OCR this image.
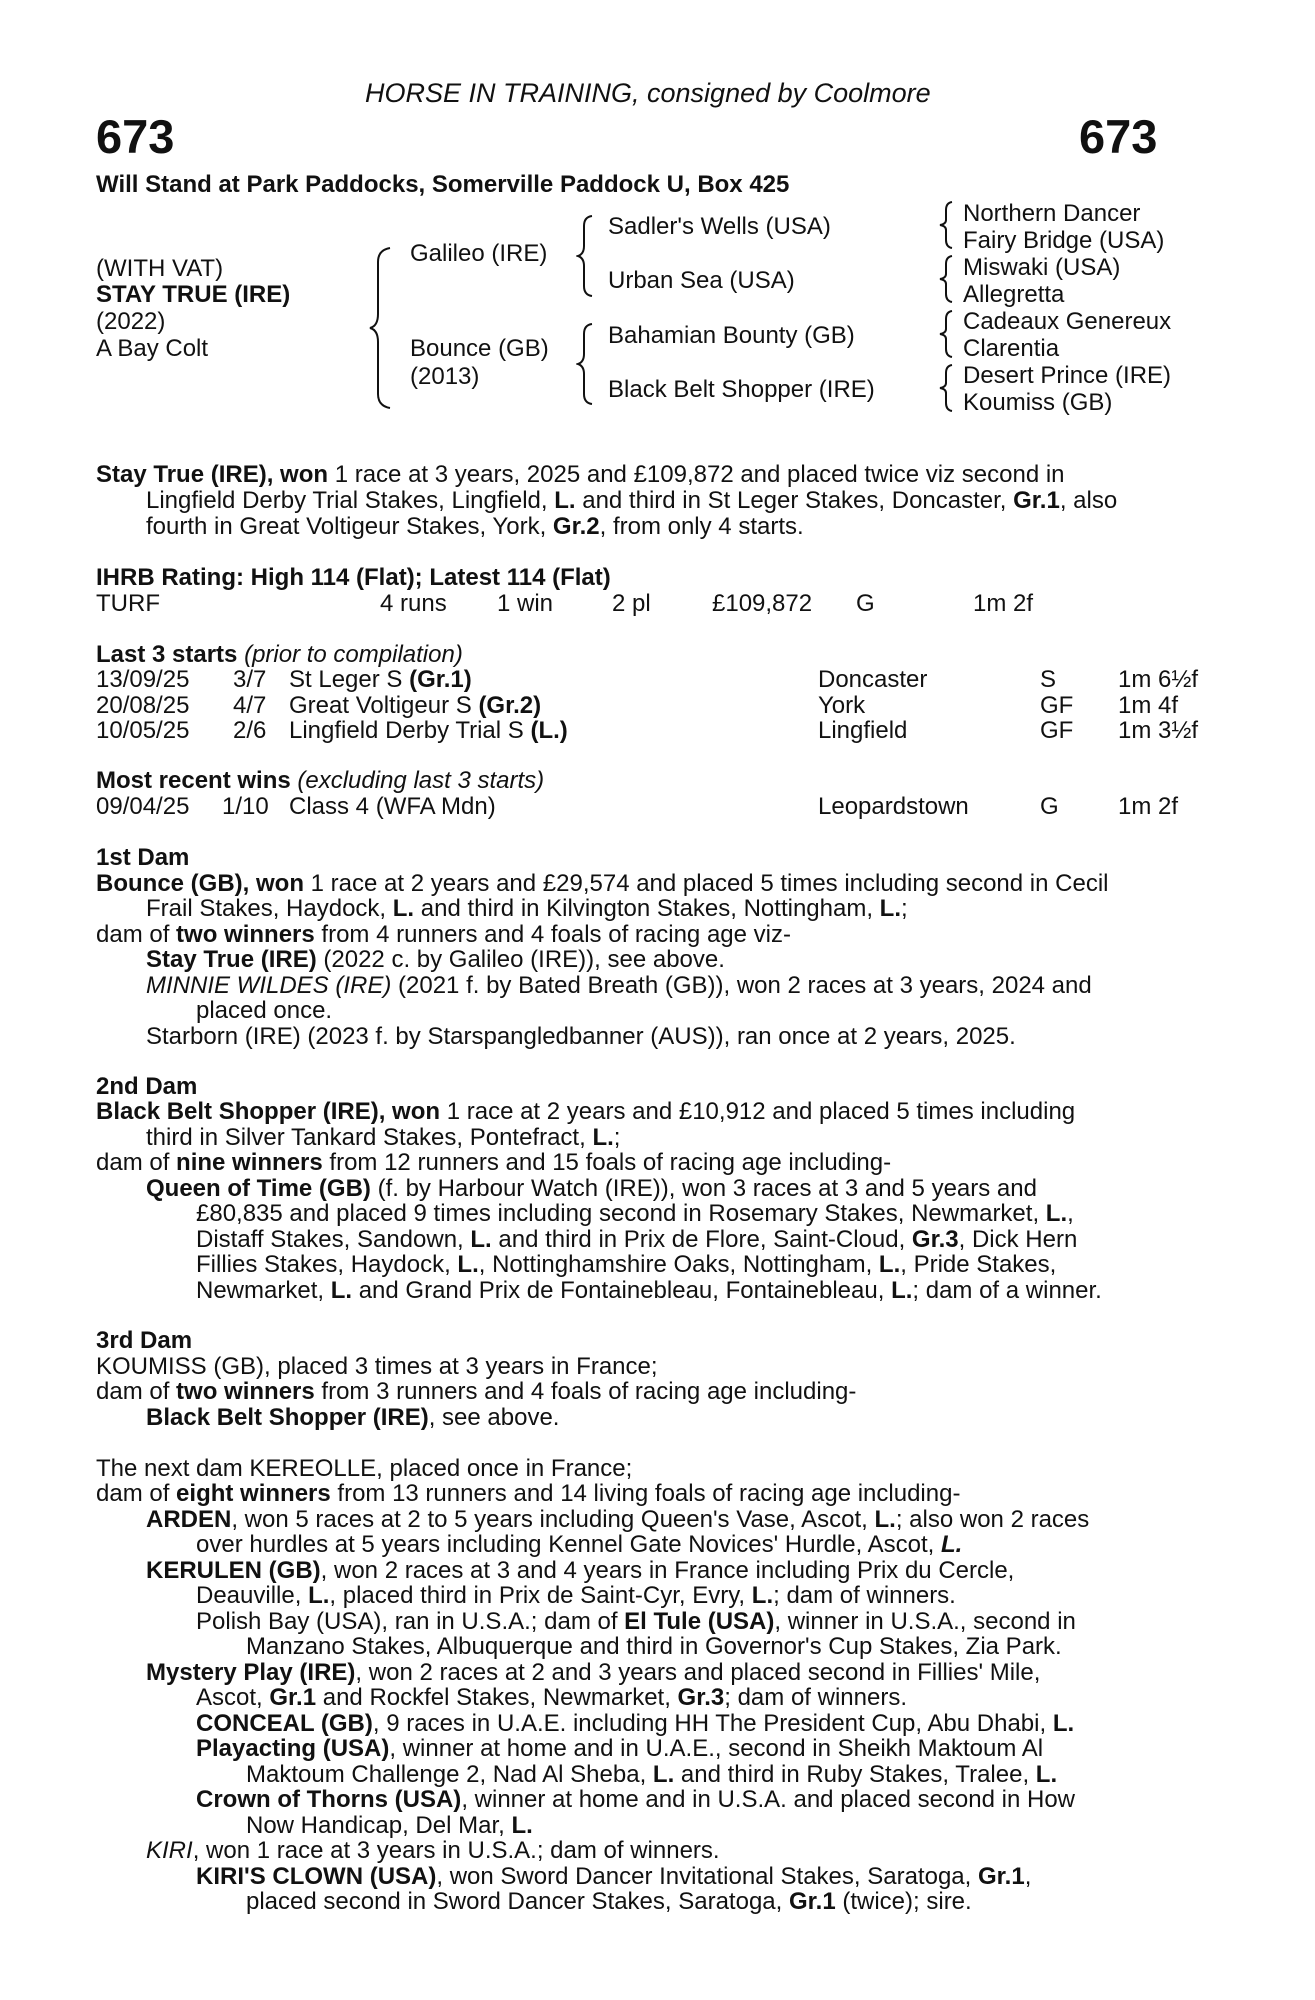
HORSE IN TRAINING, consigned by Coolmore
673	673
Will Stand at Park Paddocks, Somerville Paddock U, Box 425
(WITH VAT)
STAY TRUE (IRE)
(2022)
A Bay Colt
Galileo (IRE)
Bounce (GB)
(2013)
Sadler's Wells (USA)
Urban Sea (USA)
Bahamian Bounty (GB)
Black Belt Shopper (IRE)
Northern Dancer
Fairy Bridge (USA)
Miswaki (USA)
Allegretta
Cadeaux Genereux
Clarentia
Desert Prince (IRE)
Koumiss (GB)
Stay True (IRE), won 1 race at 3 years, 2025 and £109,872 and placed twice viz second in
Lingfield Derby Trial Stakes, Lingfield, L. and third in St Leger Stakes, Doncaster, Gr.1, also
fourth in Great Voltigeur Stakes, York, Gr.2, from only 4 starts.
IHRB Rating: High 114 (Flat); Latest 114 (Flat)
TURF	4 runs 1 win 2 pl	£109,872 G	1m 2f
Last 3 starts (prior to compilation)
13/09/25 3/7 St Leger S (Gr.1)	Doncaster	S	1m 6½f
20/08/25 4/7 Great Voltigeur S (Gr.2)	York	GF 1m 4f
10/05/25 2/6 Lingfield Derby Trial S (L.)	Lingfield	GF 1m 3½f
Most recent wins (excluding last 3 starts)
09/04/25 1/10 Class 4 (WFA Mdn)	Leopardstown	G 1m 2f
1st Dam
Bounce (GB), won 1 race at 2 years and £29,574 and placed 5 times including second in Cecil
Frail Stakes, Haydock, L. and third in Kilvington Stakes, Nottingham, L.;
dam of two winners from 4 runners and 4 foals of racing age viz-
Stay True (IRE) (2022 c. by Galileo (IRE)), see above.
MINNIE WILDES (IRE) (2021 f. by Bated Breath (GB)), won 2 races at 3 years, 2024 and
placed once.
Starborn (IRE) (2023 f. by Starspangledbanner (AUS)), ran once at 2 years, 2025.
2nd Dam
Black Belt Shopper (IRE), won 1 race at 2 years and £10,912 and placed 5 times including
third in Silver Tankard Stakes, Pontefract, L.;
dam of nine winners from 12 runners and 15 foals of racing age including-
Queen of Time (GB) (f. by Harbour Watch (IRE)), won 3 races at 3 and 5 years and
£80,835 and placed 9 times including second in Rosemary Stakes, Newmarket, L.,
Distaff Stakes, Sandown, L. and third in Prix de Flore, Saint-Cloud, Gr.3, Dick Hern
Fillies Stakes, Haydock, L., Nottinghamshire Oaks, Nottingham, L., Pride Stakes,
Newmarket, L. and Grand Prix de Fontainebleau, Fontainebleau, L.; dam of a winner.
3rd Dam
KOUMISS (GB), placed 3 times at 3 years in France;
dam of two winners from 3 runners and 4 foals of racing age including-
Black Belt Shopper (IRE), see above.
The next dam KEREOLLE, placed once in France;
dam of eight winners from 13 runners and 14 living foals of racing age including-
ARDEN, won 5 races at 2 to 5 years including Queen's Vase, Ascot, L.; also won 2 races
over hurdles at 5 years including Kennel Gate Novices' Hurdle, Ascot, L.
KERULEN (GB), won 2 races at 3 and 4 years in France including Prix du Cercle,
Deauville, L., placed third in Prix de Saint-Cyr, Evry, L.; dam of winners.
Polish Bay (USA), ran in U.S.A.; dam of El Tule (USA), winner in U.S.A., second in
Manzano Stakes, Albuquerque and third in Governor's Cup Stakes, Zia Park.
Mystery Play (IRE), won 2 races at 2 and 3 years and placed second in Fillies' Mile,
Ascot, Gr.1 and Rockfel Stakes, Newmarket, Gr.3; dam of winners.
CONCEAL (GB), 9 races in U.A.E. including HH The President Cup, Abu Dhabi, L.
Playacting (USA), winner at home and in U.A.E., second in Sheikh Maktoum Al
Maktoum Challenge 2, Nad Al Sheba, L. and third in Ruby Stakes, Tralee, L.
Crown of Thorns (USA), winner at home and in U.S.A. and placed second in How
Now Handicap, Del Mar, L.
KIRI, won 1 race at 3 years in U.S.A.; dam of winners.
KIRI'S CLOWN (USA), won Sword Dancer Invitational Stakes, Saratoga, Gr.1,
placed second in Sword Dancer Stakes, Saratoga, Gr.1 (twice); sire.
